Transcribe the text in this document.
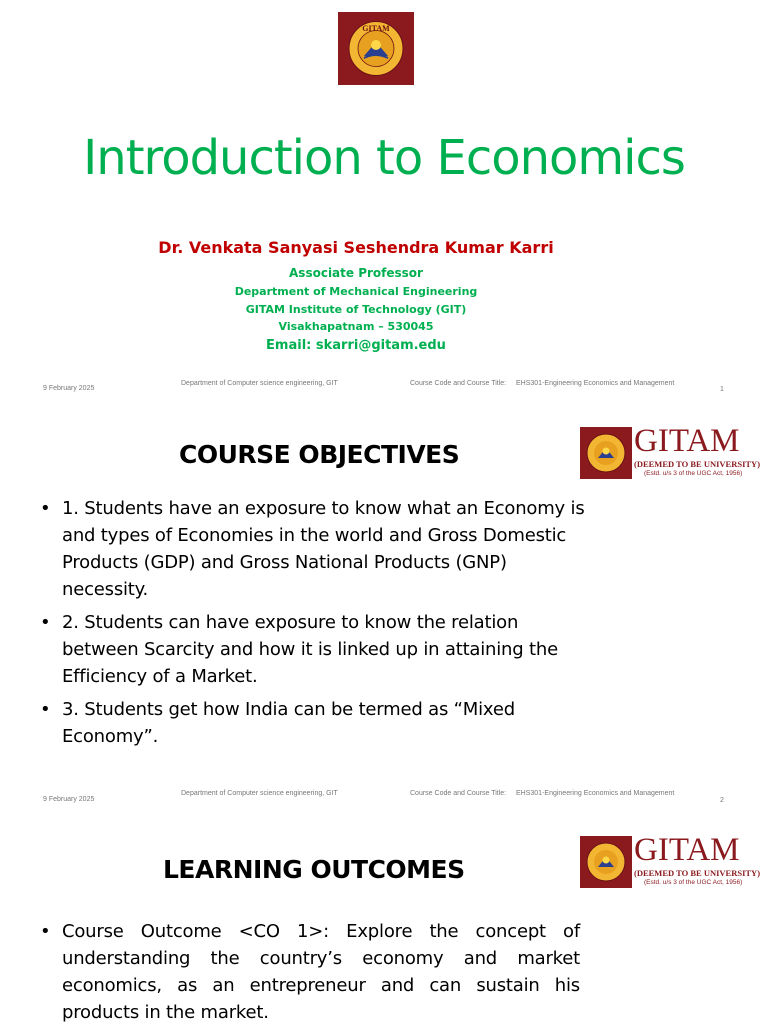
GITAM
Introduction to Economics
Dr. Venkata Sanyasi Seshendra Kumar Karri
Associate Professor
Department of Mechanical Engineering
GITAM Institute of Technology (GIT)
Visakhapatnam – 530045
Email: skarri@gitam.edu
9 February 2025
Department of Computer science engineering, GIT	Course Code and Course Title: EHS301-Engineering Economics and Management
1
COURSE OBJECTIVES	GITAM
(DEEMED TO BE UNIVERSITY)
(Estd. u/s 3 of the UGC Act, 1956)
• 1. Students have an exposure to know what an Economy is and types of Economies in the world and Gross Domestic Products (GDP) and Gross National Products (GNP) necessity.
• 2. Students can have exposure to know the relation between Scarcity and how it is linked up in attaining the Efficiency of a Market.
• 3. Students get how India can be termed as “Mixed Economy”.
9 February 2025
Department of Computer science engineering, GIT	Course Code and Course Title: EHS301-Engineering Economics and Management
2
LEARNING OUTCOMES
GITAM
(DEEMED TO BE UNIVERSITY)
(Estd. u/s 3 of the UGC Act, 1956)
• Course Outcome <CO 1>: Explore the concept of understanding the country’s economy and market economics, as an entrepreneur and can sustain his products in the market.
